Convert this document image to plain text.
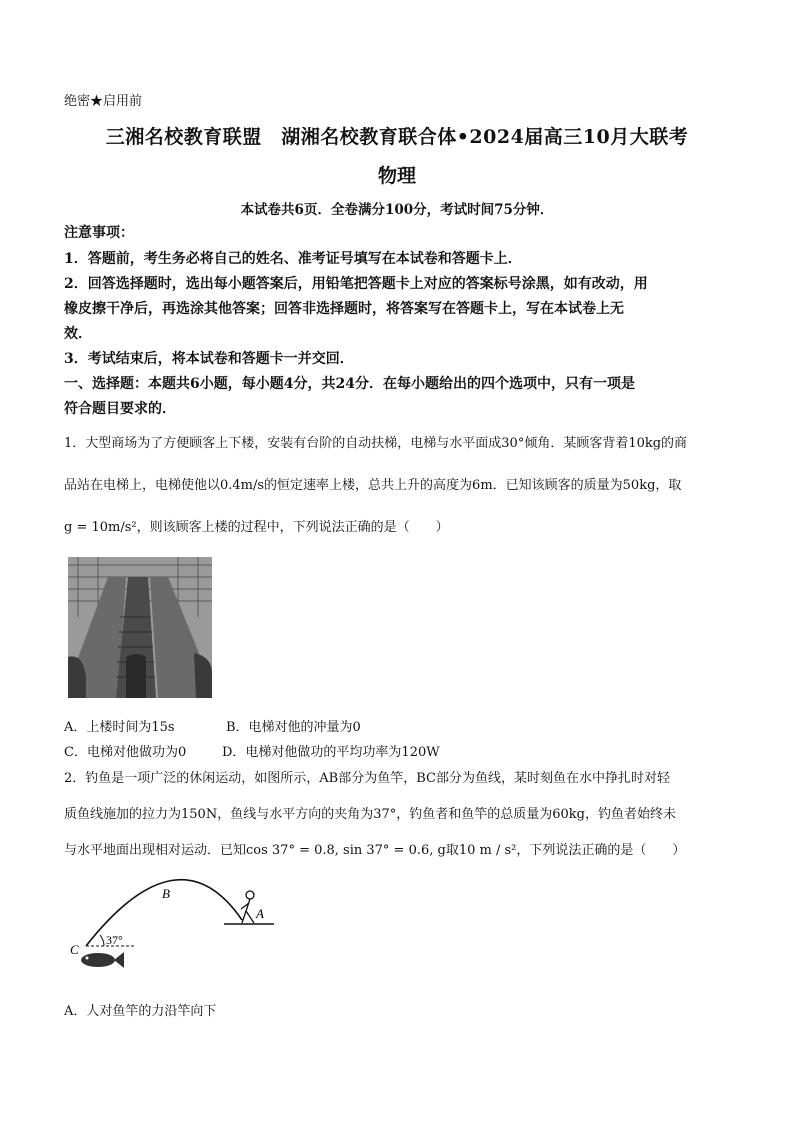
绝密★启用前
三湘名校教育联盟　湖湘名校教育联合体•2024届高三10月大联考
物理
本试卷共6页．全卷满分100分，考试时间75分钟．
注意事项：
1．答题前，考生务必将自己的姓名、准考证号填写在本试卷和答题卡上．
2．回答选择题时，选出每小题答案后，用铅笔把答题卡上对应的答案标号涂黑，如有改动，用
橡皮擦干净后，再选涂其他答案；回答非选择题时，将答案写在答题卡上，写在本试卷上无
效．
3．考试结束后，将本试卷和答题卡一并交回．
一、选择题：本题共6小题，每小题4分，共24分．在每小题给出的四个选项中，只有一项是
符合题目要求的．
1．大型商场为了方便顾客上下楼，安装有台阶的自动扶梯，电梯与水平面成30°倾角．某顾客背着10kg的商
品站在电梯上，电梯使他以0.4m/s的恒定速率上楼，总共上升的高度为6m．已知该顾客的质量为50kg，取
g = 10m/s²，则该顾客上楼的过程中，下列说法正确的是（　　）
A．上楼时间为15s	B．电梯对他的冲量为0
C．电梯对他做功为0	D．电梯对他做功的平均功率为120W
2．钓鱼是一项广泛的休闲运动，如图所示，AB部分为鱼竿，BC部分为鱼线，某时刻鱼在水中挣扎时对轻
质鱼线施加的拉力为150N，鱼线与水平方向的夹角为37°，钓鱼者和鱼竿的总质量为60kg，钓鱼者始终未
与水平地面出现相对运动．已知cos 37° = 0.8, sin 37° = 0.6, g取10 m / s²，下列说法正确的是（　　）
B
A
C
37°
A．人对鱼竿的力沿竿向下
